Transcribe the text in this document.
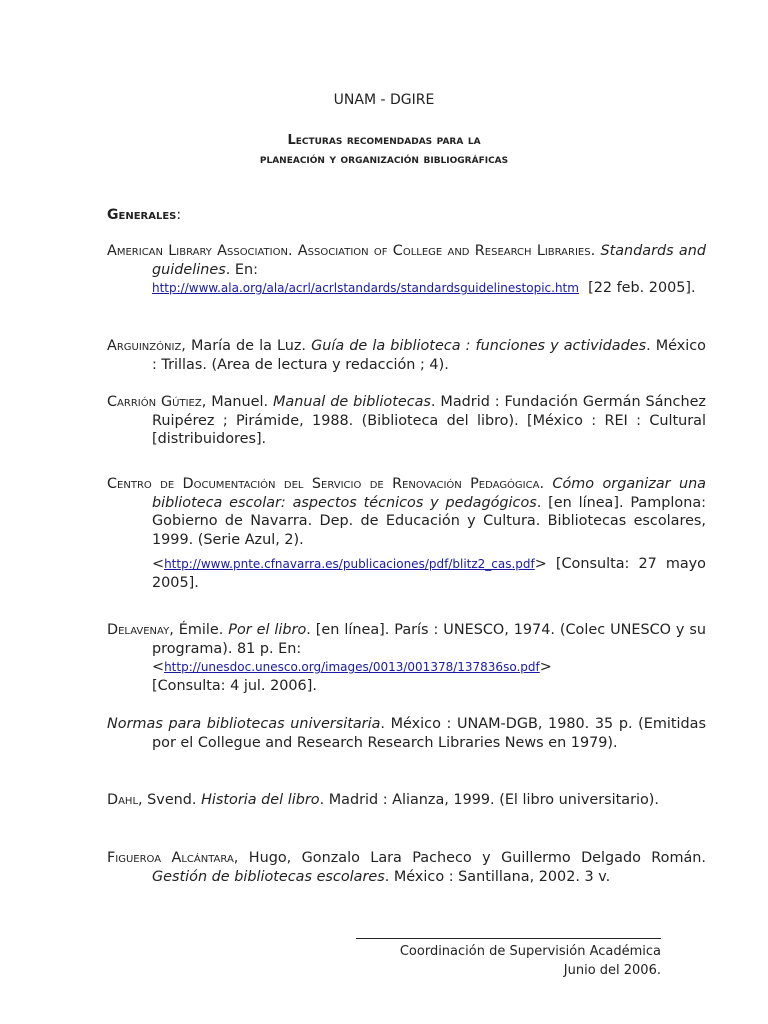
UNAM - DGIRE
Lecturas recomendadas para la
planeación y organización bibliográficas
Generales:
American Library Association. Association of College and Research Libraries. Standards and guidelines. En:
http://www.ala.org/ala/acrl/acrlstandards/standardsguidelinestopic.htm [22 feb. 2005].
Arguinzóniz, María de la Luz. Guía de la biblioteca : funciones y actividades. México : Trillas. (Area de lectura y redacción ; 4).
Carrión Gútiez, Manuel. Manual de bibliotecas. Madrid : Fundación Germán Sánchez Ruipérez ; Pirámide, 1988. (Biblioteca del libro). [México : REI : Cultural [distribuidores].
Centro de Documentación del Servicio de Renovación Pedagógica. Cómo organizar una biblioteca escolar: aspectos técnicos y pedagógicos. [en línea]. Pamplona: Gobierno de Navarra. Dep. de Educación y Cultura. Bibliotecas escolares, 1999. (Serie Azul, 2).
<http://www.pnte.cfnavarra.es/publicaciones/pdf/blitz2_cas.pdf> [Consulta: 27 mayo 2005].
Delavenay, Émile. Por el libro. [en línea]. París : UNESCO, 1974. (Colec UNESCO y su programa). 81 p. En:
<http://unesdoc.unesco.org/images/0013/001378/137836so.pdf>
[Consulta: 4 jul. 2006].
Normas para bibliotecas universitaria. México : UNAM-DGB, 1980. 35 p. (Emitidas por el Collegue and Research Research Libraries News en 1979).
Dahl, Svend. Historia del libro. Madrid : Alianza, 1999. (El libro universitario).
Figueroa Alcántara, Hugo, Gonzalo Lara Pacheco y Guillermo Delgado Román. Gestión de bibliotecas escolares. México : Santillana, 2002. 3 v.
Coordinación de Supervisión Académica
Junio del 2006.
